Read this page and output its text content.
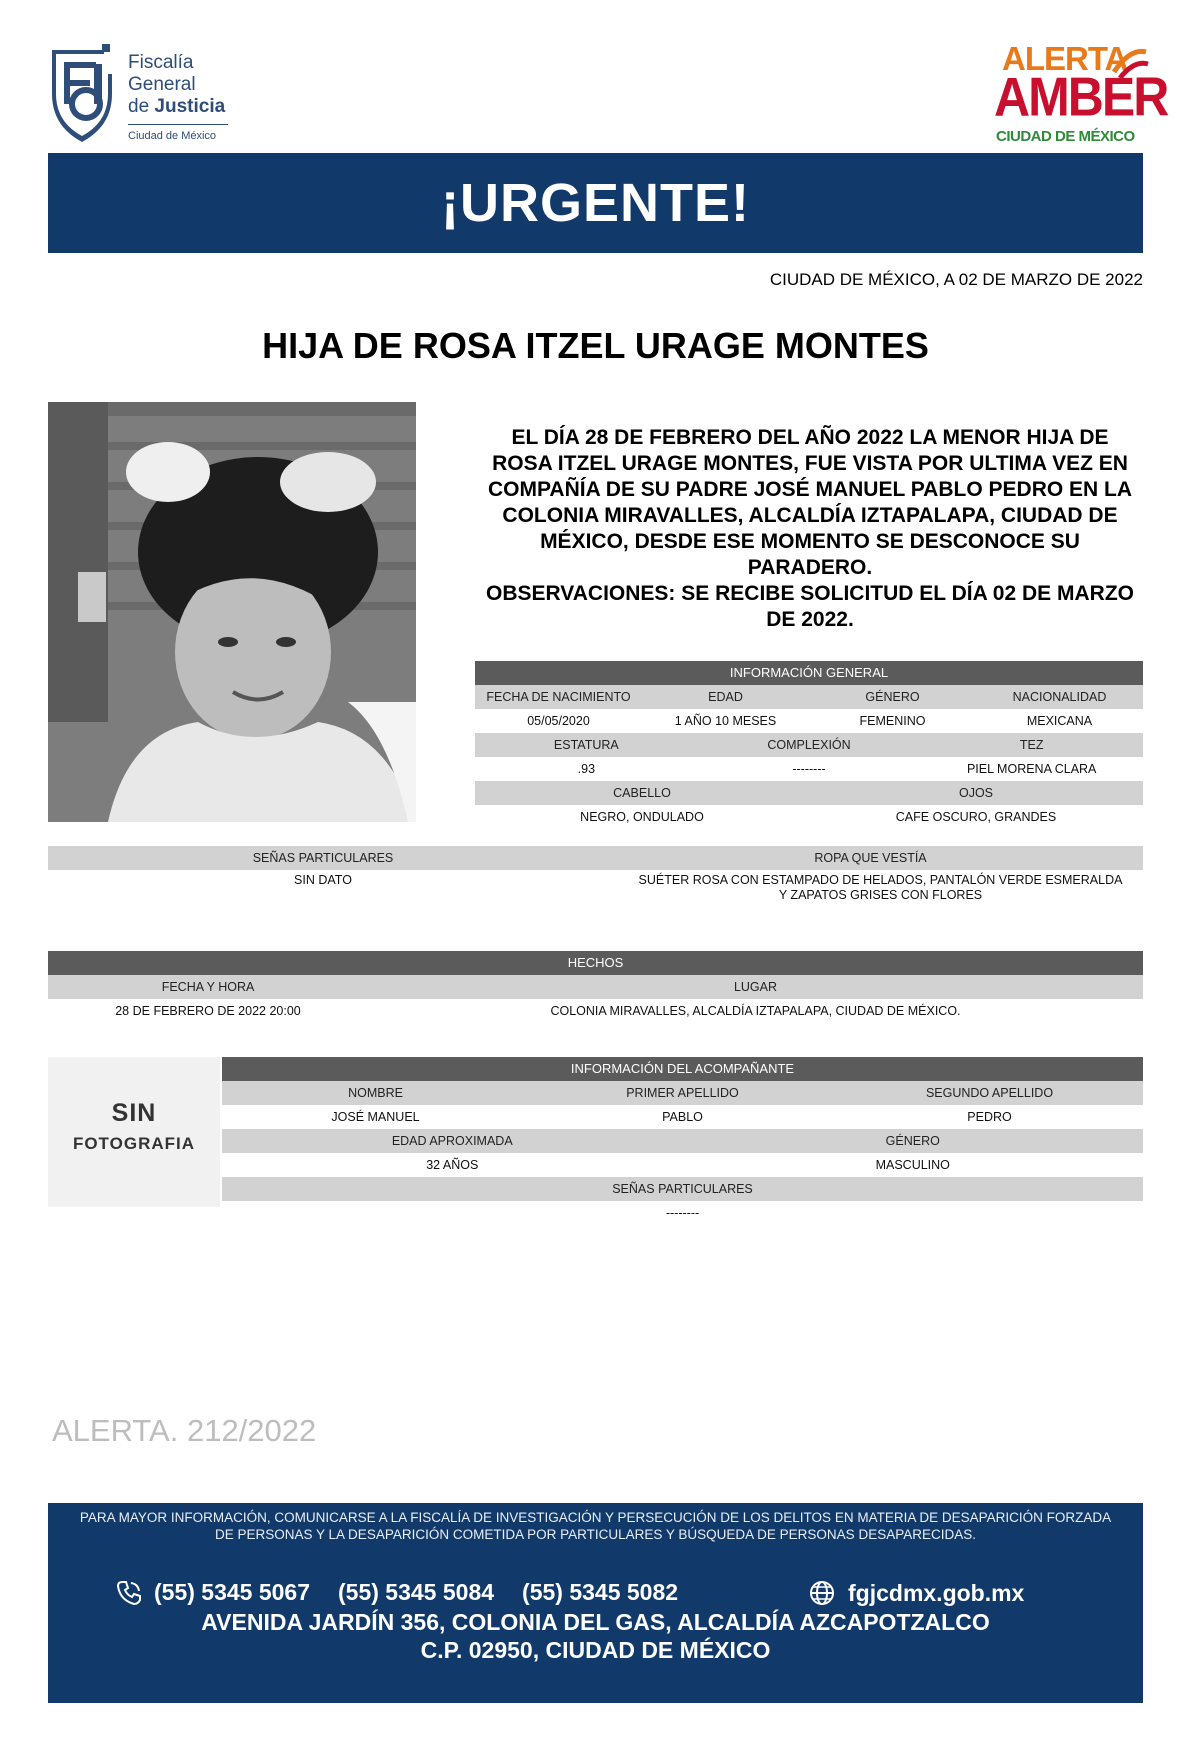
Fiscalía
General
de Justicia
Ciudad de México
ALERTA
AMBER
CIUDAD DE MÉXICO
¡URGENTE!
CIUDAD DE MÉXICO, A 02 DE MARZO DE 2022
HIJA DE ROSA ITZEL URAGE MONTES

EL DÍA 28 DE FEBRERO DEL AÑO 2022 LA MENOR HIJA DE ROSA ITZEL URAGE MONTES, FUE VISTA POR ULTIMA VEZ EN COMPAÑÍA DE SU PADRE JOSÉ MANUEL PABLO PEDRO EN LA COLONIA MIRAVALLES, ALCALDÍA IZTAPALAPA, CIUDAD DE MÉXICO, DESDE ESE MOMENTO SE DESCONOCE SU PARADERO.

OBSERVACIONES: SE RECIBE SOLICITUD EL DÍA 02 DE MARZO DE 2022.

INFORMACIÓN GENERAL
FECHA DE NACIMIENTO	EDAD	GÉNERO	NACIONALIDAD
05/05/2020	1 AÑO 10 MESES	FEMENINO	MEXICANA
ESTATURA	COMPLEXIÓN	TEZ
.93	--------	PIEL MORENA CLARA
CABELLO	OJOS
NEGRO, ONDULADO	CAFE OSCURO, GRANDES
SEÑAS PARTICULARES	ROPA QUE VESTÍA
SIN DATO	SUÉTER ROSA CON ESTAMPADO DE HELADOS, PANTALÓN VERDE ESMERALDA Y ZAPATOS GRISES CON FLORES
HECHOS
FECHA Y HORA	LUGAR
28 DE FEBRERO DE 2022 20:00	COLONIA MIRAVALLES, ALCALDÍA IZTAPALAPA, CIUDAD DE MÉXICO.
SIN
FOTOGRAFIA
INFORMACIÓN DEL ACOMPAÑANTE
NOMBRE	PRIMER APELLIDO	SEGUNDO APELLIDO
JOSÉ MANUEL	PABLO	PEDRO
EDAD APROXIMADA	GÉNERO
32 AÑOS	MASCULINO
SEÑAS PARTICULARES
--------
ALERTA. 212/2022
PARA MAYOR INFORMACIÓN, COMUNICARSE A LA FISCALÍA DE INVESTIGACIÓN Y PERSECUCIÓN DE LOS DELITOS EN MATERIA DE DESAPARICIÓN FORZADA DE PERSONAS Y LA DESAPARICIÓN COMETIDA POR PARTICULARES Y BÚSQUEDA DE PERSONAS DESAPARECIDAS.
(55) 5345 5067 (55) 5345 5084 (55) 5345 5082	fgjcdmx.gob.mx
AVENIDA JARDÍN 356, COLONIA DEL GAS, ALCALDÍA AZCAPOTZALCO
C.P. 02950, CIUDAD DE MÉXICO
